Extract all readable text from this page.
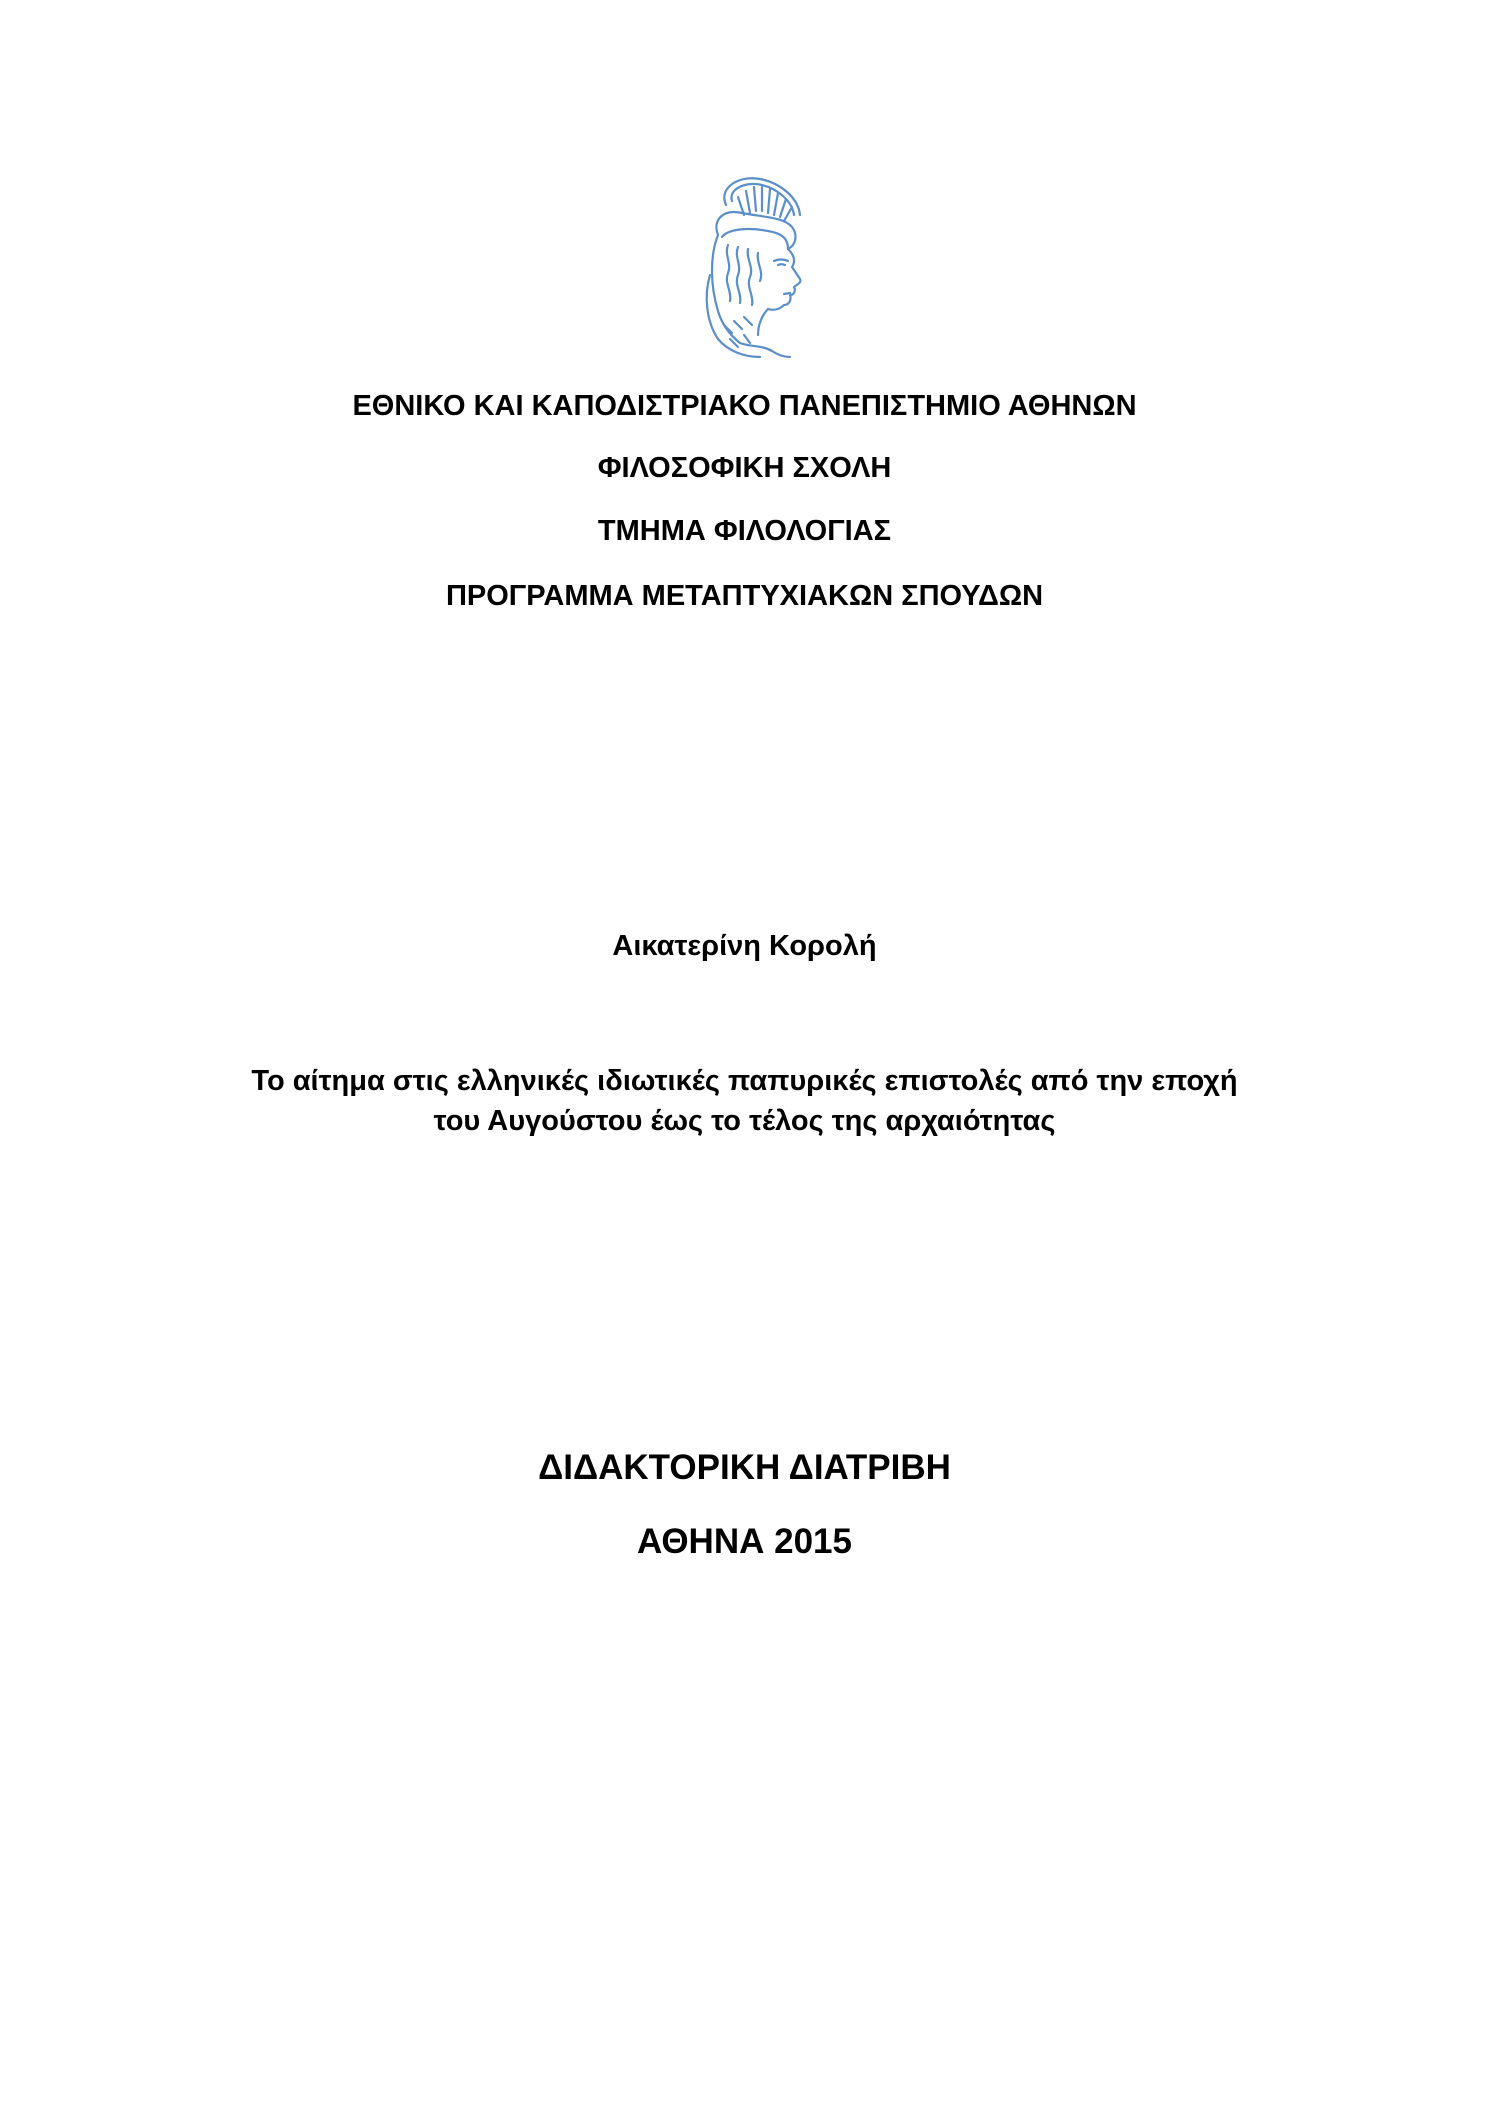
ΕΘΝΙΚΟ ΚΑΙ ΚΑΠΟΔΙΣΤΡΙΑΚΟ ΠΑΝΕΠΙΣΤΗΜΙΟ ΑΘΗΝΩΝ
ΦΙΛΟΣΟΦΙΚΗ ΣΧΟΛΗ
ΤΜΗΜΑ ΦΙΛΟΛΟΓΙΑΣ
ΠΡΟΓΡΑΜΜΑ ΜΕΤΑΠΤΥΧΙΑΚΩΝ ΣΠΟΥΔΩΝ
Αικατερίνη Κορολή
Το αίτημα στις ελληνικές ιδιωτικές παπυρικές επιστολές από την εποχή
του Αυγούστου έως το τέλος της αρχαιότητας
ΔΙΔΑΚΤΟΡΙΚΗ ΔΙΑΤΡΙΒΗ
ΑΘΗΝΑ 2015
